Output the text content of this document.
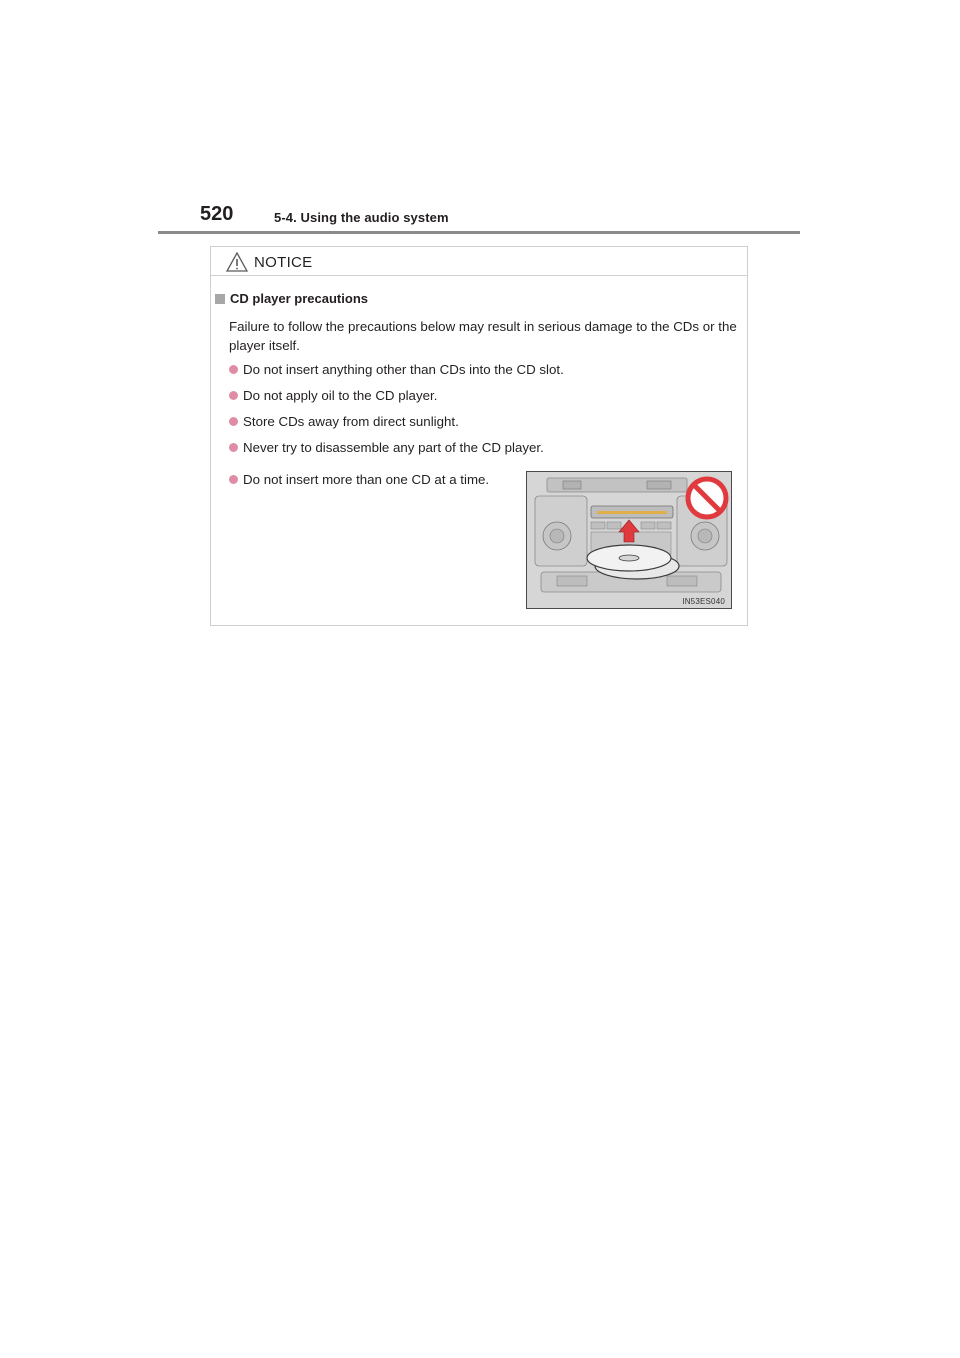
520	5-4. Using the audio system
NOTICE
CD player precautions
Failure to follow the precautions below may result in serious damage to the CDs or the player itself.
Do not insert anything other than CDs into the CD slot.
Do not apply oil to the CD player.
Store CDs away from direct sunlight.
Never try to disassemble any part of the CD player.
Do not insert more than one CD at a time.
IN53ES040
